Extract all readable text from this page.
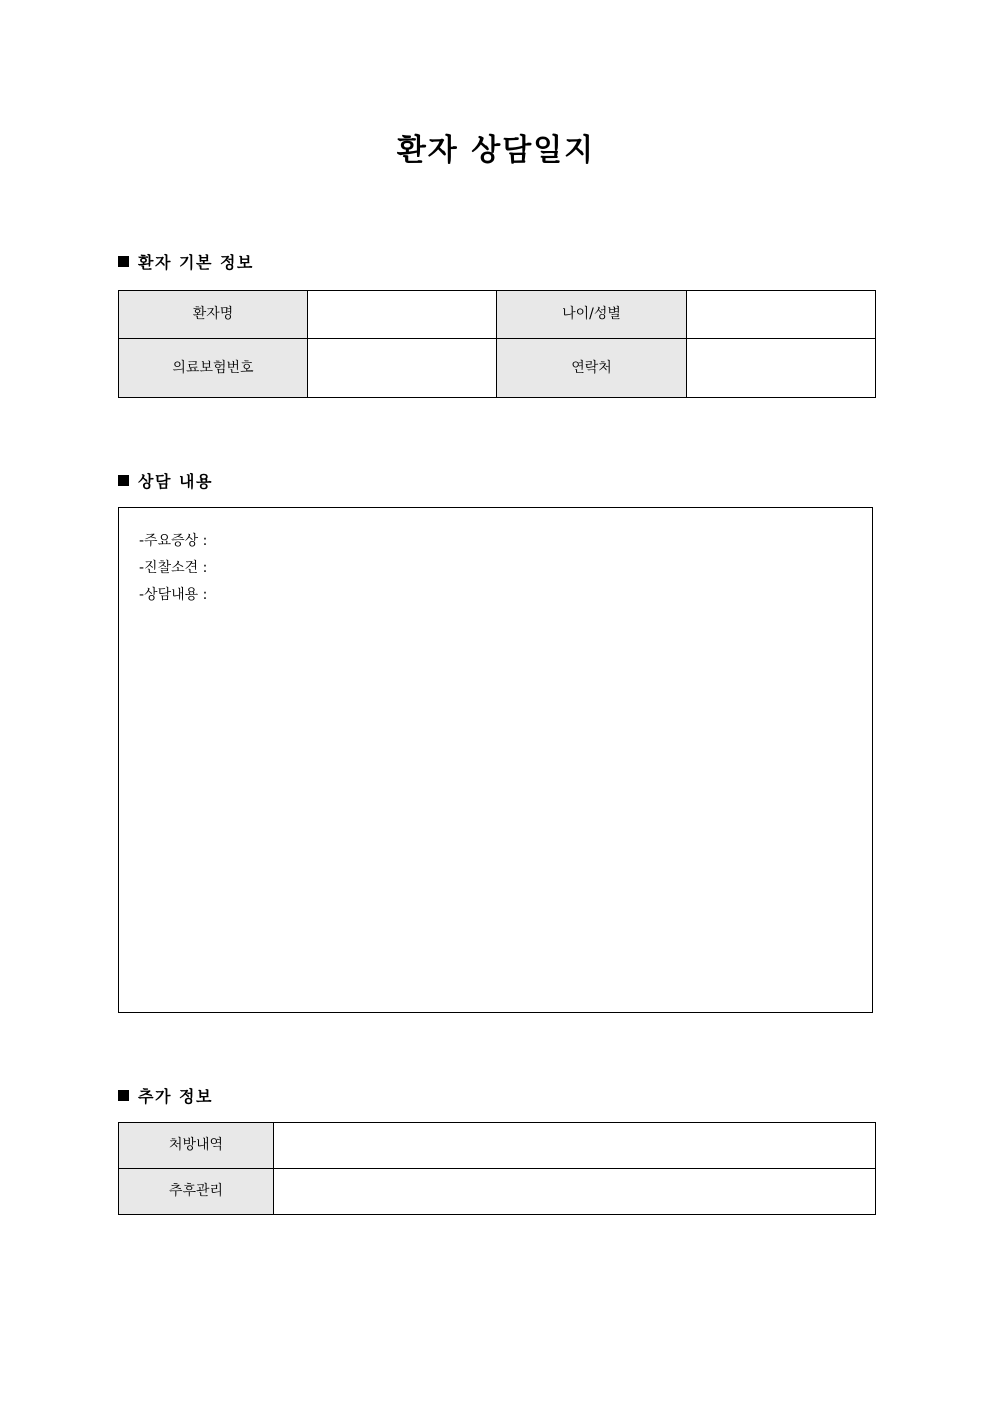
환자 상담일지
환자 기본 정보
환자명		나이/성별	
의료보험번호		연락처	
상담 내용
-주요증상 :
-진찰소견 :
-상담내용 :
추가 정보
처방내역	
추후관리	
